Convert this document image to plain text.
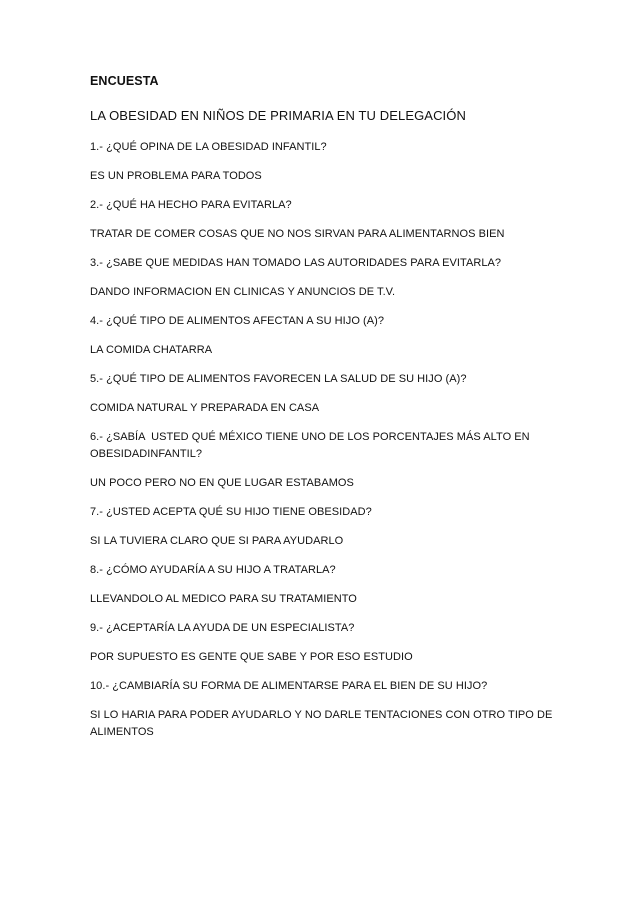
ENCUESTA
LA OBESIDAD EN NIÑOS DE PRIMARIA EN TU DELEGACIÓN

1.- ¿QUÉ OPINA DE LA OBESIDAD INFANTIL?

ES UN PROBLEMA PARA TODOS

2.- ¿QUÉ HA HECHO PARA EVITARLA?

TRATAR DE COMER COSAS QUE NO NOS SIRVAN PARA ALIMENTARNOS BIEN

3.- ¿SABE QUE MEDIDAS HAN TOMADO LAS AUTORIDADES PARA EVITARLA?

DANDO INFORMACION EN CLINICAS Y ANUNCIOS DE T.V.

4.- ¿QUÉ TIPO DE ALIMENTOS AFECTAN A SU HIJO (A)?

LA COMIDA CHATARRA

5.- ¿QUÉ TIPO DE ALIMENTOS FAVORECEN LA SALUD DE SU HIJO (A)?

COMIDA NATURAL Y PREPARADA EN CASA

6.- ¿SABÍA  USTED QUÉ MÉXICO TIENE UNO DE LOS PORCENTAJES MÁS ALTO EN

OBESIDADINFANTIL?

UN POCO PERO NO EN QUE LUGAR ESTABAMOS

7.- ¿USTED ACEPTA QUÉ SU HIJO TIENE OBESIDAD?

SI LA TUVIERA CLARO QUE SI PARA AYUDARLO

8.- ¿CÓMO AYUDARÍA A SU HIJO A TRATARLA?

LLEVANDOLO AL MEDICO PARA SU TRATAMIENTO

9.- ¿ACEPTARÍA LA AYUDA DE UN ESPECIALISTA?

POR SUPUESTO ES GENTE QUE SABE Y POR ESO ESTUDIO

10.- ¿CAMBIARÍA SU FORMA DE ALIMENTARSE PARA EL BIEN DE SU HIJO?

SI LO HARIA PARA PODER AYUDARLO Y NO DARLE TENTACIONES CON OTRO TIPO DE

ALIMENTOS
